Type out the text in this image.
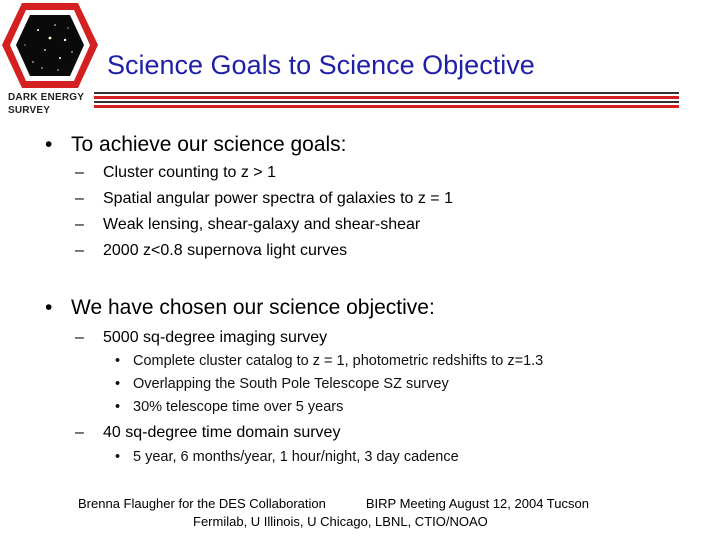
DARK ENERGY
SURVEY
Science Goals to Science Objective
• To achieve our science goals:
– Cluster counting to z > 1
– Spatial angular power spectra of galaxies to z = 1
– Weak lensing, shear-galaxy and shear-shear
– 2000 z<0.8 supernova light curves
• We have chosen our science objective:
– 5000 sq-degree imaging survey
• Complete cluster catalog to z = 1, photometric redshifts to z=1.3
• Overlapping the South Pole Telescope SZ survey
• 30% telescope time over 5 years
– 40 sq-degree time domain survey
• 5 year, 6 months/year, 1 hour/night, 3 day cadence
Brenna Flaugher for the DES Collaboration	BIRP Meeting August 12, 2004 Tucson
Fermilab, U Illinois, U Chicago, LBNL, CTIO/NOAO
